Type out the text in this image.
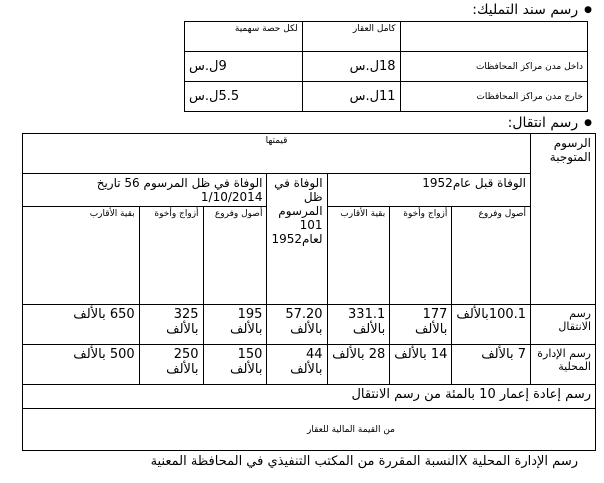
●
رسم سند التمليك:
	كامل العقار	لكل حصة سهمية
داخل مدن مراكز المحافظات	18ل.س	9ل.س
خارج مدن مراكز المحافظات	11ل.س	5.5ل.س
●
رسم انتقال:
الرسوم المتوجبة	قيمتها						
	الوفاة قبل عام1952			الوفاة في ظل المرسوم 101 لعام1952	الوفاة في ظل المرسوم 56 تاريخ 1/10/2014		
	أصول وفروع	أزواج وأخوة	بقية الأقارب		أصول وفروع	أزواج وأخوة	بقية الأقارب
رسم الانتقال	100.1بالألف	177 بالألف	331.1 بالألف	57.20 بالألف	195 بالألف	325 بالألف	650 بالألف
رسم الإدارة المحلية	7 بالألف	14 بالألف	28 بالألف	44 بالألف	150 بالألف	250 بالألف	500 بالألف
رسم إعادة إعمار 10 بالمئة من رسم الانتقال							
من القيمة المالية للعقار							
رسم الإدارة المحلية Xالنسبة المقررة من المكتب التنفيذي في المحافظة المعنية
